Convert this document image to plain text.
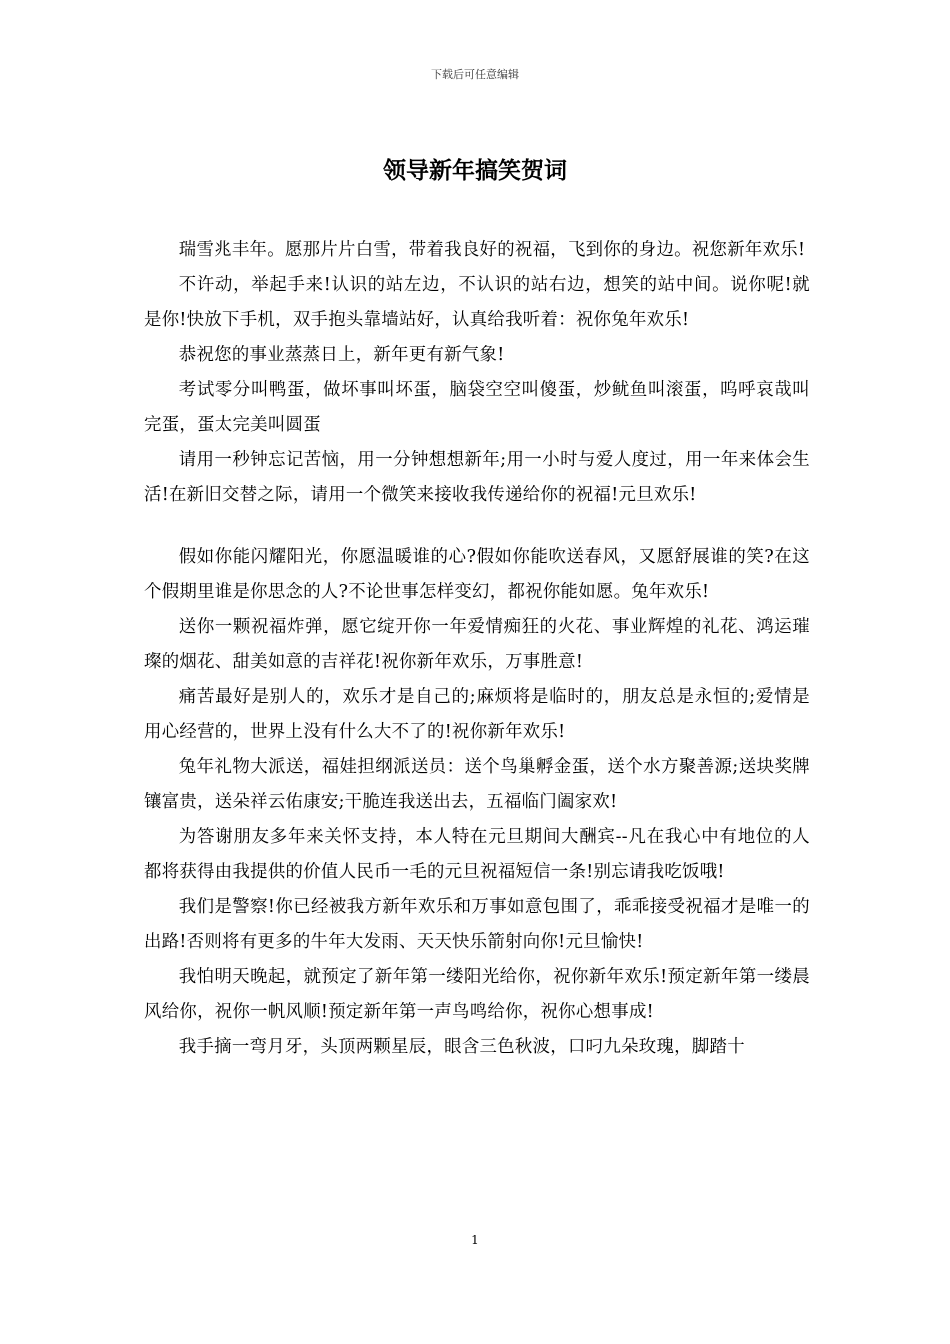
下载后可任意编辑
领导新年搞笑贺词

瑞雪兆丰年。愿那片片白雪，带着我良好的祝福，飞到你的身边。祝您新年欢乐!

不许动，举起手来!认识的站左边，不认识的站右边，想笑的站中间。说你呢!就是你!快放下手机，双手抱头靠墙站好，认真给我听着：祝你兔年欢乐!

恭祝您的事业蒸蒸日上，新年更有新气象!

考试零分叫鸭蛋，做坏事叫坏蛋，脑袋空空叫傻蛋，炒鱿鱼叫滚蛋，呜呼哀哉叫完蛋，蛋太完美叫圆蛋

请用一秒钟忘记苦恼，用一分钟想想新年;用一小时与爱人度过，用一年来体会生活!在新旧交替之际，请用一个微笑来接收我传递给你的祝福!元旦欢乐!

假如你能闪耀阳光，你愿温暖谁的心?假如你能吹送春风，又愿舒展谁的笑?在这个假期里谁是你思念的人?不论世事怎样变幻，都祝你能如愿。兔年欢乐!

送你一颗祝福炸弹，愿它绽开你一年爱情痴狂的火花、事业辉煌的礼花、鸿运璀璨的烟花、甜美如意的吉祥花!祝你新年欢乐，万事胜意!

痛苦最好是别人的，欢乐才是自己的;麻烦将是临时的，朋友总是永恒的;爱情是用心经营的，世界上没有什么大不了的!祝你新年欢乐!

兔年礼物大派送，福娃担纲派送员：送个鸟巢孵金蛋，送个水方聚善源;送块奖牌镶富贵，送朵祥云佑康安;干脆连我送出去，五福临门阖家欢!

为答谢朋友多年来关怀支持，本人特在元旦期间大酬宾--凡在我心中有地位的人都将获得由我提供的价值人民币一毛的元旦祝福短信一条!别忘请我吃饭哦!

我们是警察!你已经被我方新年欢乐和万事如意包围了，乖乖接受祝福才是唯一的出路!否则将有更多的牛年大发雨、天天快乐箭射向你!元旦愉快!

我怕明天晚起，就预定了新年第一缕阳光给你，祝你新年欢乐!预定新年第一缕晨风给你，祝你一帆风顺!预定新年第一声鸟鸣给你，祝你心想事成!

我手摘一弯月牙，头顶两颗星辰，眼含三色秋波，口叼九朵玫瑰，脚踏十

1
